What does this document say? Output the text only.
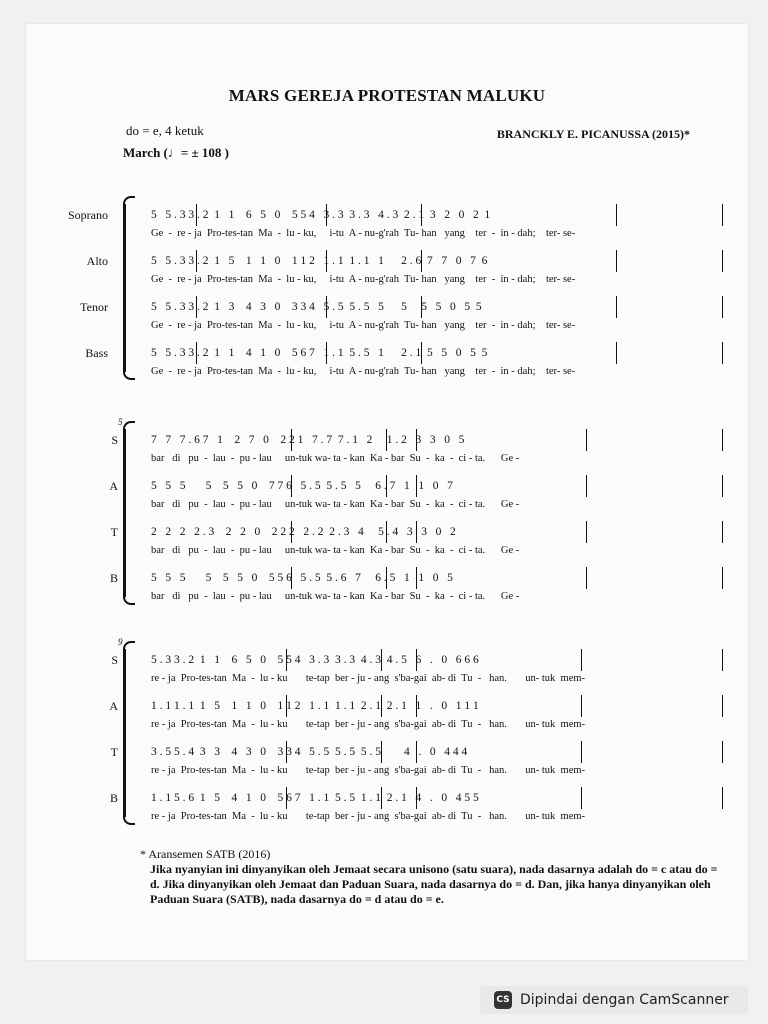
MARS GEREJA PROTESTAN MALUKU
do = e, 4 ketuk
March (♩= ± 108 )
BRANCKLY E. PICANUSSA (2015)*
Soprano	5   5 . 3 3 . 2  1   1    6   5   0    5 5 4   3 . 3  3 . 3   4 . 3  2 . 1  3   2   0   2  1
Ge  -  re - ja  Pro-tes-tan  Ma  -  lu - ku,     i-tu  A - nu-g'rah  Tu- han   yang    ter  -  in - dah;    ter- se-
Alto	5   5 . 3 3 . 2  1   5    1   1   0    1 1 2   1 . 1  1 . 1   1      2 . 6  7   7   0   7  6
Ge  -  re - ja  Pro-tes-tan  Ma  -  lu - ku,     i-tu  A - nu-g'rah  Tu- han   yang    ter  -  in - dah;    ter- se-
Tenor	5   5 . 3 3 . 2  1   3    4   3   0    3 3 4   5 . 5  5 . 5   5      5     5   5   0   5  5
Ge  -  re - ja  Pro-tes-tan  Ma  -  lu - ku,     i-tu  A - nu-g'rah  Tu- han   yang    ter  -  in - dah;    ter- se-
Bass	5   5 . 3 3 . 2  1   1    4   1   0    5 6 7   1 . 1  5 . 5   1      2 . 1  5   5   0   5  5
Ge  -  re - ja  Pro-tes-tan  Ma  -  lu - ku,     i-tu  A - nu-g'rah  Tu- han   yang    ter  -  in - dah;    ter- se-
5
S	7   7   7 . 6 7   1    2   7   0    2 2 1   7 . 7  7 . 1   2     1 . 2   3   3   0   5
bar   di   pu  -  lau  -  pu - lau     un-tuk wa- ta - kan  Ka - bar  Su  -  ka  -  ci - ta.      Ge -
A	5   5   5       5    5   5   0    7 7 6   5 . 5  5 . 5   5     6 . 7   1   1   0   7
bar   di   pu  -  lau  -  pu - lau     un-tuk wa- ta - kan  Ka - bar  Su  -  ka  -  ci - ta.      Ge -
T	2   2   2   2 . 3    2   2   0    2 2 2   2 . 2  2 . 3   4     5 . 4   3   3   0   2
bar   di   pu  -  lau  -  pu - lau     un-tuk wa- ta - kan  Ka - bar  Su  -  ka  -  ci - ta.      Ge -
B	5   5   5       5    5   5   0    5 5 6   5 . 5  5 . 6   7     6 . 5   1   1   0   5
bar   di   pu  -  lau  -  pu - lau     un-tuk wa- ta - kan  Ka - bar  Su  -  ka  -  ci - ta.      Ge -
9
S	5 . 3 3 . 2  1   1    6   5   0    5 5 4   3 . 3  3 . 3  4 . 3  4 . 5   6   .   0   6 6 6
re - ja  Pro-tes-tan  Ma  -  lu - ku       te-tap  ber - ju - ang  s'ba-gai  ab- di  Tu  -   han.       un- tuk  mem-
A	1 . 1 1 . 1  1   5    1   1   0    1 1 2   1 . 1  1 . 1  2 . 1  2 . 1   1   .   0   1 1 1
re - ja  Pro-tes-tan  Ma  -  lu - ku       te-tap  ber - ju - ang  s'ba-gai  ab- di  Tu  -   han.       un- tuk  mem-
T	3 . 5 5 . 4  3   3    4   3   0    3 3 4   5 . 5  5 . 5  5 . 5        4   .   0   4 4 4
re - ja  Pro-tes-tan  Ma  -  lu - ku       te-tap  ber - ju - ang  s'ba-gai  ab- di  Tu  -   han.       un- tuk  mem-
B	1 . 1 5 . 6  1   5    4   1   0    5 6 7   1 . 1  5 . 5  1 . 1  2 . 1   4   .   0   4 5 5
re - ja  Pro-tes-tan  Ma  -  lu - ku       te-tap  ber - ju - ang  s'ba-gai  ab- di  Tu  -   han.       un- tuk  mem-
* Aransemen SATB (2016)
Jika nyanyian ini dinyanyikan oleh Jemaat secara unisono (satu suara), nada dasarnya adalah do = c atau do = d. Jika dinyanyikan oleh Jemaat dan Paduan Suara, nada dasarnya do = d. Dan, jika hanya dinyanyikan oleh Paduan Suara (SATB), nada dasarnya do = d atau do = e.
CS Dipindai dengan CamScanner
